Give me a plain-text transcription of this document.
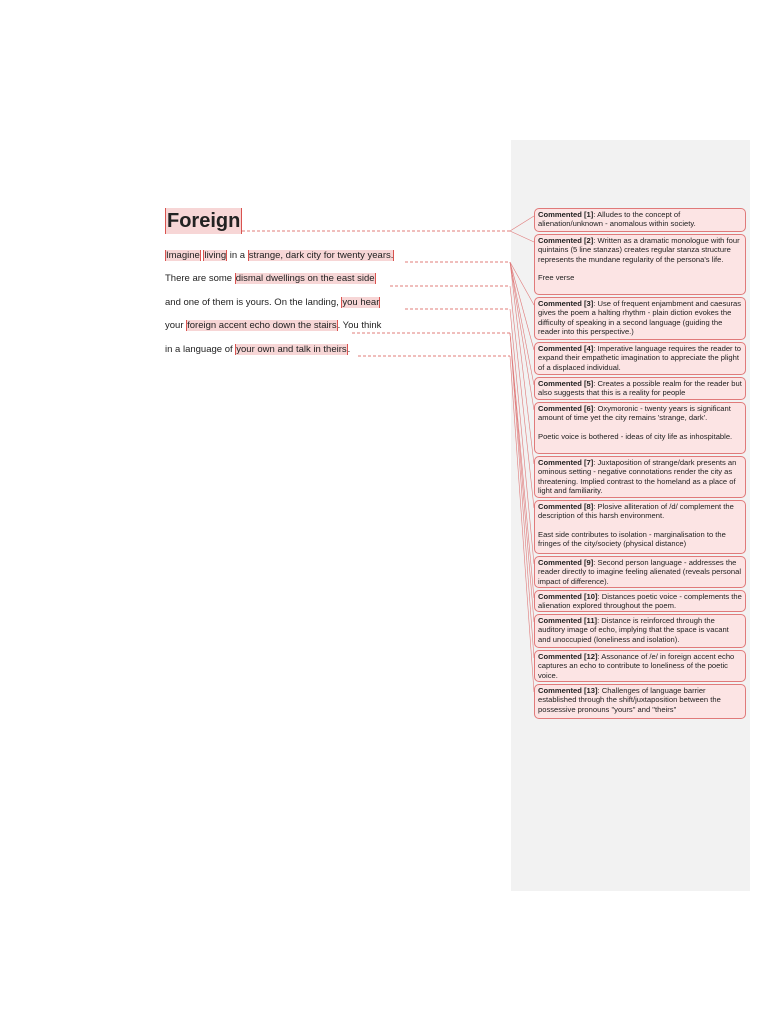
Foreign
Imagine living in a strange, dark city for twenty years.
There are some dismal dwellings on the east side
and one of them is yours. On the landing, you hear
your foreign accent echo down the stairs. You think
in a language of your own and talk in theirs.
Commented [1]: Alludes to the concept of alienation/unknown - anomalous within society.
Commented [2]: Written as a dramatic monologue with four quintains (5 line stanzas) creates regular stanza structure represents the mundane regularity of the persona's life.
Free verse
Commented [3]: Use of frequent enjambment and caesuras gives the poem a halting rhythm - plain diction evokes the difficulty of speaking in a second language (guiding the reader into this perspective.)
Commented [4]: Imperative language requires the reader to expand their empathetic imagination to appreciate the plight of a displaced individual.
Commented [5]: Creates a possible realm for the reader but also suggests that this is a reality for people
Commented [6]: Oxymoronic - twenty years is significant amount of time yet the city remains 'strange, dark'.
Poetic voice is bothered - ideas of city life as inhospitable.
Commented [7]: Juxtaposition of strange/dark presents an ominous setting - negative connotations render the city as threatening. Implied contrast to the homeland as a place of light and familiarity.
Commented [8]: Plosive alliteration of /d/ complement the description of this harsh environment.
East side contributes to isolation - marginalisation to the fringes of the city/society (physical distance)
Commented [9]: Second person language - addresses the reader directly to imagine feeling alienated (reveals personal impact of difference).
Commented [10]: Distances poetic voice - complements the alienation explored throughout the poem.
Commented [11]: Distance is reinforced through the auditory image of echo, implying that the space is vacant and unoccupied (loneliness and isolation).
Commented [12]: Assonance of /e/ in foreign accent echo captures an echo to contribute to loneliness of the poetic voice.
Commented [13]: Challenges of language barrier established through the shift/juxtaposition between the possessive pronouns "yours" and "theirs"
